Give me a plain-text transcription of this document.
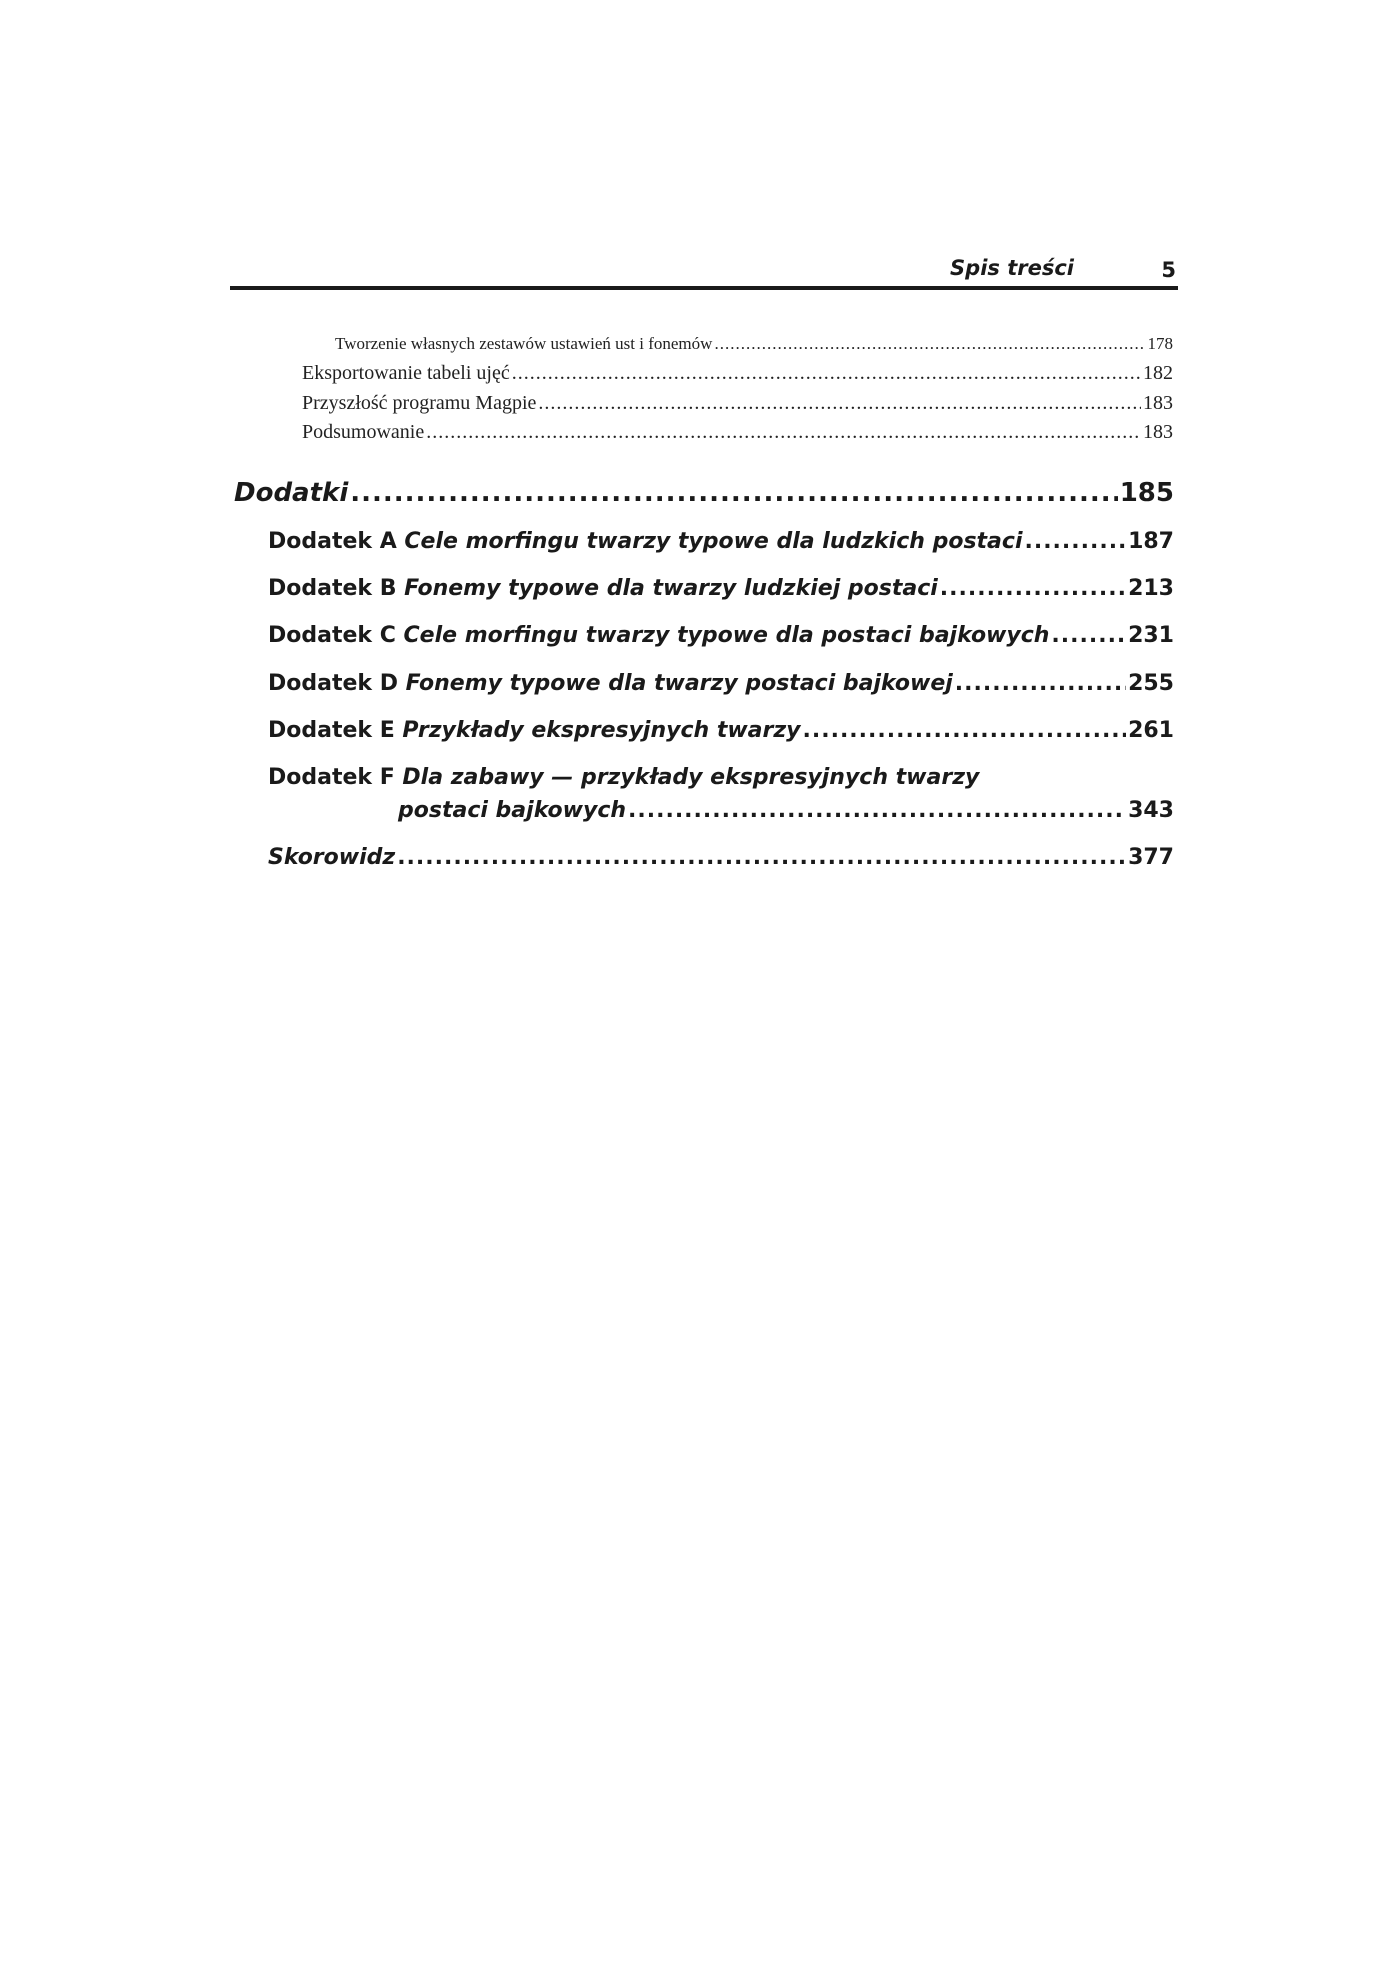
Spis treści	5
Tworzenie własnych zestawów ustawień ust i fonemów .....	178
Eksportowanie tabeli ujęć .....	182
Przyszłość programu Magpie .....	183
Podsumowanie .....	183
Dodatki .....	185
Dodatek A
Cele morfingu twarzy typowe dla ludzkich postaci .....	187
Dodatek B
Fonemy typowe dla twarzy ludzkiej postaci .....	213
Dodatek C
Cele morfingu twarzy typowe dla postaci bajkowych .....	231
Dodatek D
Fonemy typowe dla twarzy postaci bajkowej .....	255
Dodatek E
Przykłady ekspresyjnych twarzy .....	261
Dodatek F Dla zabawy — przykłady ekspresyjnych twarzy
postaci bajkowych .....	343
Skorowidz .....	377
